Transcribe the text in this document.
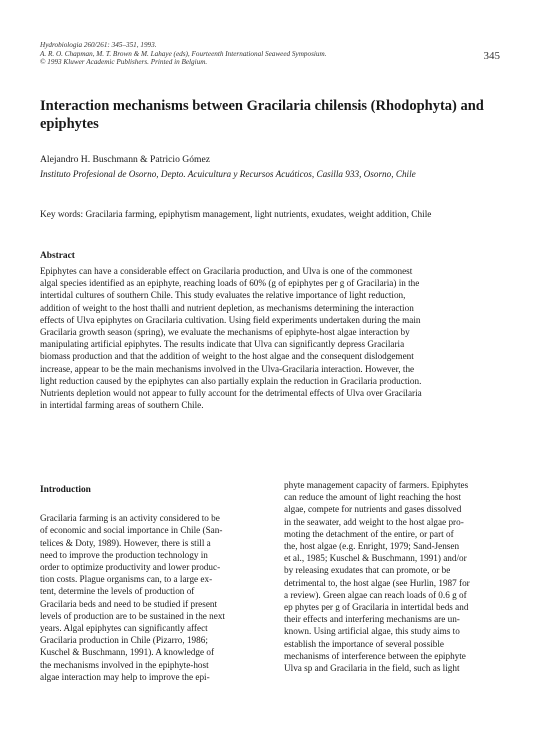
Hydrobiologia 260/261: 345–351, 1993.
A. R. O. Chapman, M. T. Brown & M. Lahaye (eds), Fourteenth International Seaweed Symposium.
© 1993 Kluwer Academic Publishers. Printed in Belgium.
345
Interaction mechanisms between Gracilaria chilensis (Rhodophyta) and
epiphytes
Alejandro H. Buschmann & Patricio Gómez
Instituto Profesional de Osorno, Depto. Acuicultura y Recursos Acuáticos, Casilla 933, Osorno, Chile
Key words: Gracilaria farming, epiphytism management, light nutrients, exudates, weight addition, Chile
Abstract
Epiphytes can have a considerable effect on Gracilaria production, and Ulva is one of the commonest
algal species identified as an epiphyte, reaching loads of 60% (g of epiphytes per g of Gracilaria) in the
intertidal cultures of southern Chile. This study evaluates the relative importance of light reduction,
addition of weight to the host thalli and nutrient depletion, as mechanisms determining the interaction
effects of Ulva epiphytes on Gracilaria cultivation. Using field experiments undertaken during the main
Gracilaria growth season (spring), we evaluate the mechanisms of epiphyte-host algae interaction by
manipulating artificial epiphytes. The results indicate that Ulva can significantly depress Gracilaria
biomass production and that the addition of weight to the host algae and the consequent dislodgement
increase, appear to be the main mechanisms involved in the Ulva-Gracilaria interaction. However, the
light reduction caused by the epiphytes can also partially explain the reduction in Gracilaria production.
Nutrients depletion would not appear to fully account for the detrimental effects of Ulva over Gracilaria
in intertidal farming areas of southern Chile.
Introduction
Gracilaria farming is an activity considered to be
of economic and social importance in Chile (San-
telices & Doty, 1989). However, there is still a
need to improve the production technology in
order to optimize productivity and lower produc-
tion costs. Plague organisms can, to a large ex-
tent, determine the levels of production of
Gracilaria beds and need to be studied if present
levels of production are to be sustained in the next
years. Algal epiphytes can significantly affect
Gracilaria production in Chile (Pizarro, 1986;
Kuschel & Buschmann, 1991). A knowledge of
the mechanisms involved in the epiphyte-host
algae interaction may help to improve the epi-
phyte management capacity of farmers. Epiphytes
can reduce the amount of light reaching the host
algae, compete for nutrients and gases dissolved
in the seawater, add weight to the host algae pro-
moting the detachment of the entire, or part of
the, host algae (e.g. Enright, 1979; Sand-Jensen
et al., 1985; Kuschel & Buschmann, 1991) and/or
by releasing exudates that can promote, or be
detrimental to, the host algae (see Hurlin, 1987 for
a review). Green algae can reach loads of 0.6 g of
ep phytes per g of Gracilaria in intertidal beds and
their effects and interfering mechanisms are un-
known. Using artificial algae, this study aims to
establish the importance of several possible
mechanisms of interference between the epiphyte
Ulva sp and Gracilaria in the field, such as light
